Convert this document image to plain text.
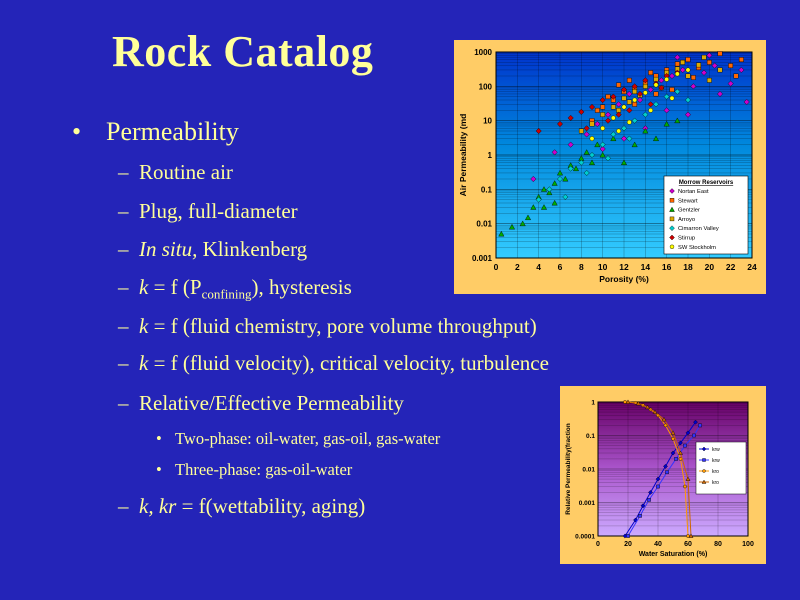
Rock Catalog
• Permeability
– Routine air
– Plug, full-diameter
– In situ, Klinkenberg
– k = f $(P_{confining})$, hysteresis
– k = f (fluid chemistry, pore volume throughput)
– k = f (fluid velocity), critical velocity, turbulence
– Relative/Effective Permeability
• Two-phase: oil-water, gas-oil, gas-water
• Three-phase: gas-oil-water
– k, kr = f(wettability, aging)
0 2 4 6 8 10 12 14 16 18 20 22 24
1000
100
10
1
0.1
0.01
0.001
Porosity (%)
Air Permeability (md	Morrow Reservoirs
Nortan East
Stewart
Gentzler
Arroyo
Cimarron Valley
Stirrup
SW Stockholm
0	20	40	60	80	100
1
0.1
0.01
0.001
0.0001
Water Saturation (%)
Relative Permeability(fraction	krw
krw
kro
kro
